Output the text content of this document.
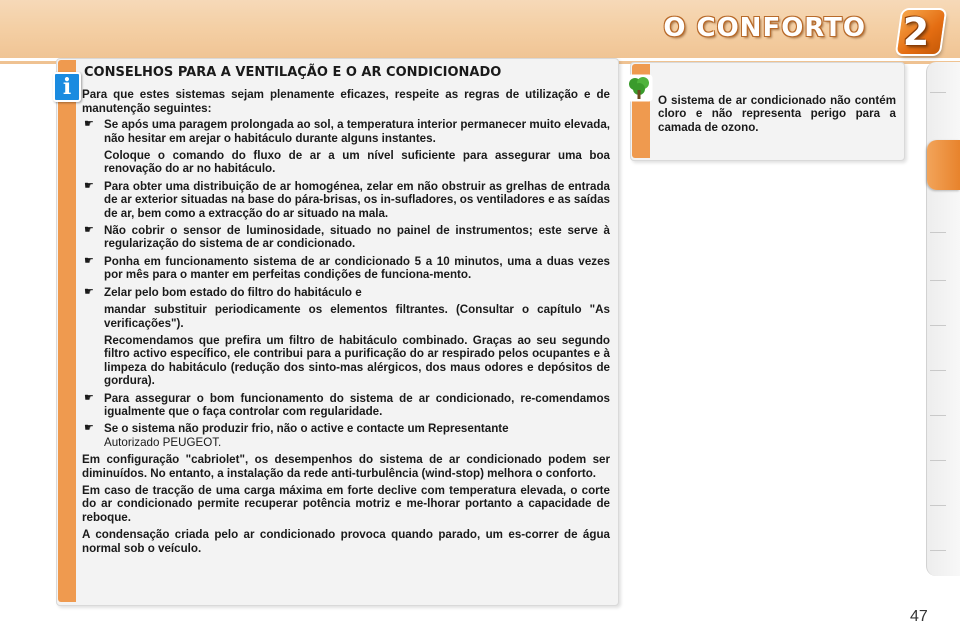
O CONFORTO 2
i
CONSELHOS PARA A VENTILAÇÃO E O AR CONDICIONADO

Para que estes sistemas sejam plenamente eficazes, respeite as regras de utilização e de manutenção seguintes:

☛ Se após uma paragem prolongada ao sol, a temperatura interior permanecer muito elevada, não hesitar em arejar o habitáculo durante alguns instantes.

Coloque o comando do fluxo de ar a um nível suficiente para assegurar uma boa renovação do ar no habitáculo.

☛ Para obter uma distribuição de ar homogénea, zelar em não obstruir as grelhas de entrada de ar exterior situadas na base do pára-brisas, os in-sufladores, os ventiladores e as saídas de ar, bem como a extracção do ar situado na mala.

☛ Não cobrir o sensor de luminosidade, situado no painel de instrumentos; este serve à regularização do sistema de ar condicionado.

☛ Ponha em funcionamento sistema de ar condicionado 5 a 10 minutos, uma a duas vezes por mês para o manter em perfeitas condições de funciona-mento.

☛ Zelar pelo bom estado do filtro do habitáculo e

mandar substituir periodicamente os elementos filtrantes. (Consultar o capítulo "As verificações").

Recomendamos que prefira um filtro de habitáculo combinado. Graças ao seu segundo filtro activo específico, ele contribui para a purificação do ar respirado pelos ocupantes e à limpeza do habitáculo (redução dos sinto-mas alérgicos, dos maus odores e depósitos de gordura).

☛ Para assegurar o bom funcionamento do sistema de ar condicionado, re-comendamos igualmente que o faça controlar com regularidade.

☛ Se o sistema não produzir frio, não o active e contacte um Representante
Autorizado PEUGEOT.

Em configuração "cabriolet", os desempenhos do sistema de ar condicionado podem ser diminuídos. No entanto, a instalação da rede anti-turbulência (wind-stop) melhora o conforto.

Em caso de tracção de uma carga máxima em forte declive com temperatura elevada, o corte do ar condicionado permite recuperar potência motriz e me-lhorar portanto a capacidade de reboque.

A condensação criada pelo ar condicionado provoca quando parado, um es-correr de água normal sob o veículo.

O sistema de ar condicionado não contém cloro e não representa perigo para a camada de ozono.
47
